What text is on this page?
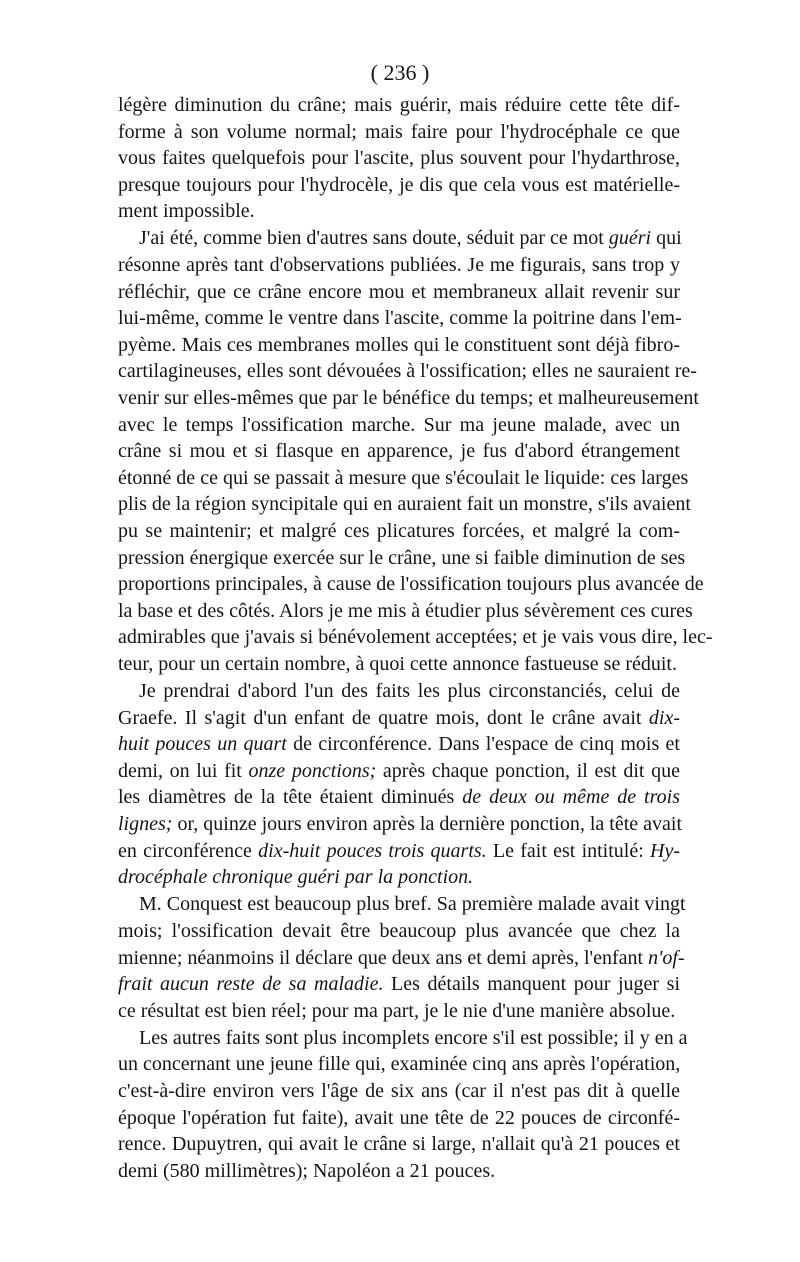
( 236 )
légère diminution du crâne; mais guérir, mais réduire cette tête dif-
forme à son volume normal; mais faire pour l'hydrocéphale ce que
vous faites quelquefois pour l'ascite, plus souvent pour l'hydarthrose,
presque toujours pour l'hydrocèle, je dis que cela vous est matérielle-
ment impossible.
J'ai été, comme bien d'autres sans doute, séduit par ce mot guéri qui
résonne après tant d'observations publiées. Je me figurais, sans trop y
réfléchir, que ce crâne encore mou et membraneux allait revenir sur
lui-même, comme le ventre dans l'ascite, comme la poitrine dans l'em-
pyème. Mais ces membranes molles qui le constituent sont déjà fibro-
cartilagineuses, elles sont dévouées à l'ossification; elles ne sauraient re-
venir sur elles-mêmes que par le bénéfice du temps; et malheureusement
avec le temps l'ossification marche. Sur ma jeune malade, avec un
crâne si mou et si flasque en apparence, je fus d'abord étrangement
étonné de ce qui se passait à mesure que s'écoulait le liquide: ces larges
plis de la région syncipitale qui en auraient fait un monstre, s'ils avaient
pu se maintenir; et malgré ces plicatures forcées, et malgré la com-
pression énergique exercée sur le crâne, une si faible diminution de ses
proportions principales, à cause de l'ossification toujours plus avancée de
la base et des côtés. Alors je me mis à étudier plus sévèrement ces cures
admirables que j'avais si bénévolement acceptées; et je vais vous dire, lec-
teur, pour un certain nombre, à quoi cette annonce fastueuse se réduit.
Je prendrai d'abord l'un des faits les plus circonstanciés, celui de
Graefe. Il s'agit d'un enfant de quatre mois, dont le crâne avait dix-
huit pouces un quart de circonférence. Dans l'espace de cinq mois et
demi, on lui fit onze ponctions; après chaque ponction, il est dit que
les diamètres de la tête étaient diminués de deux ou même de trois
lignes; or, quinze jours environ après la dernière ponction, la tête avait
en circonférence dix-huit pouces trois quarts. Le fait est intitulé: Hy-
drocéphale chronique guéri par la ponction.
M. Conquest est beaucoup plus bref. Sa première malade avait vingt
mois; l'ossification devait être beaucoup plus avancée que chez la
mienne; néanmoins il déclare que deux ans et demi après, l'enfant n'of-
frait aucun reste de sa maladie. Les détails manquent pour juger si
ce résultat est bien réel; pour ma part, je le nie d'une manière absolue.
Les autres faits sont plus incomplets encore s'il est possible; il y en a
un concernant une jeune fille qui, examinée cinq ans après l'opération,
c'est-à-dire environ vers l'âge de six ans (car il n'est pas dit à quelle
époque l'opération fut faite), avait une tête de 22 pouces de circonfé-
rence. Dupuytren, qui avait le crâne si large, n'allait qu'à 21 pouces et
demi (580 millimètres); Napoléon a 21 pouces.
